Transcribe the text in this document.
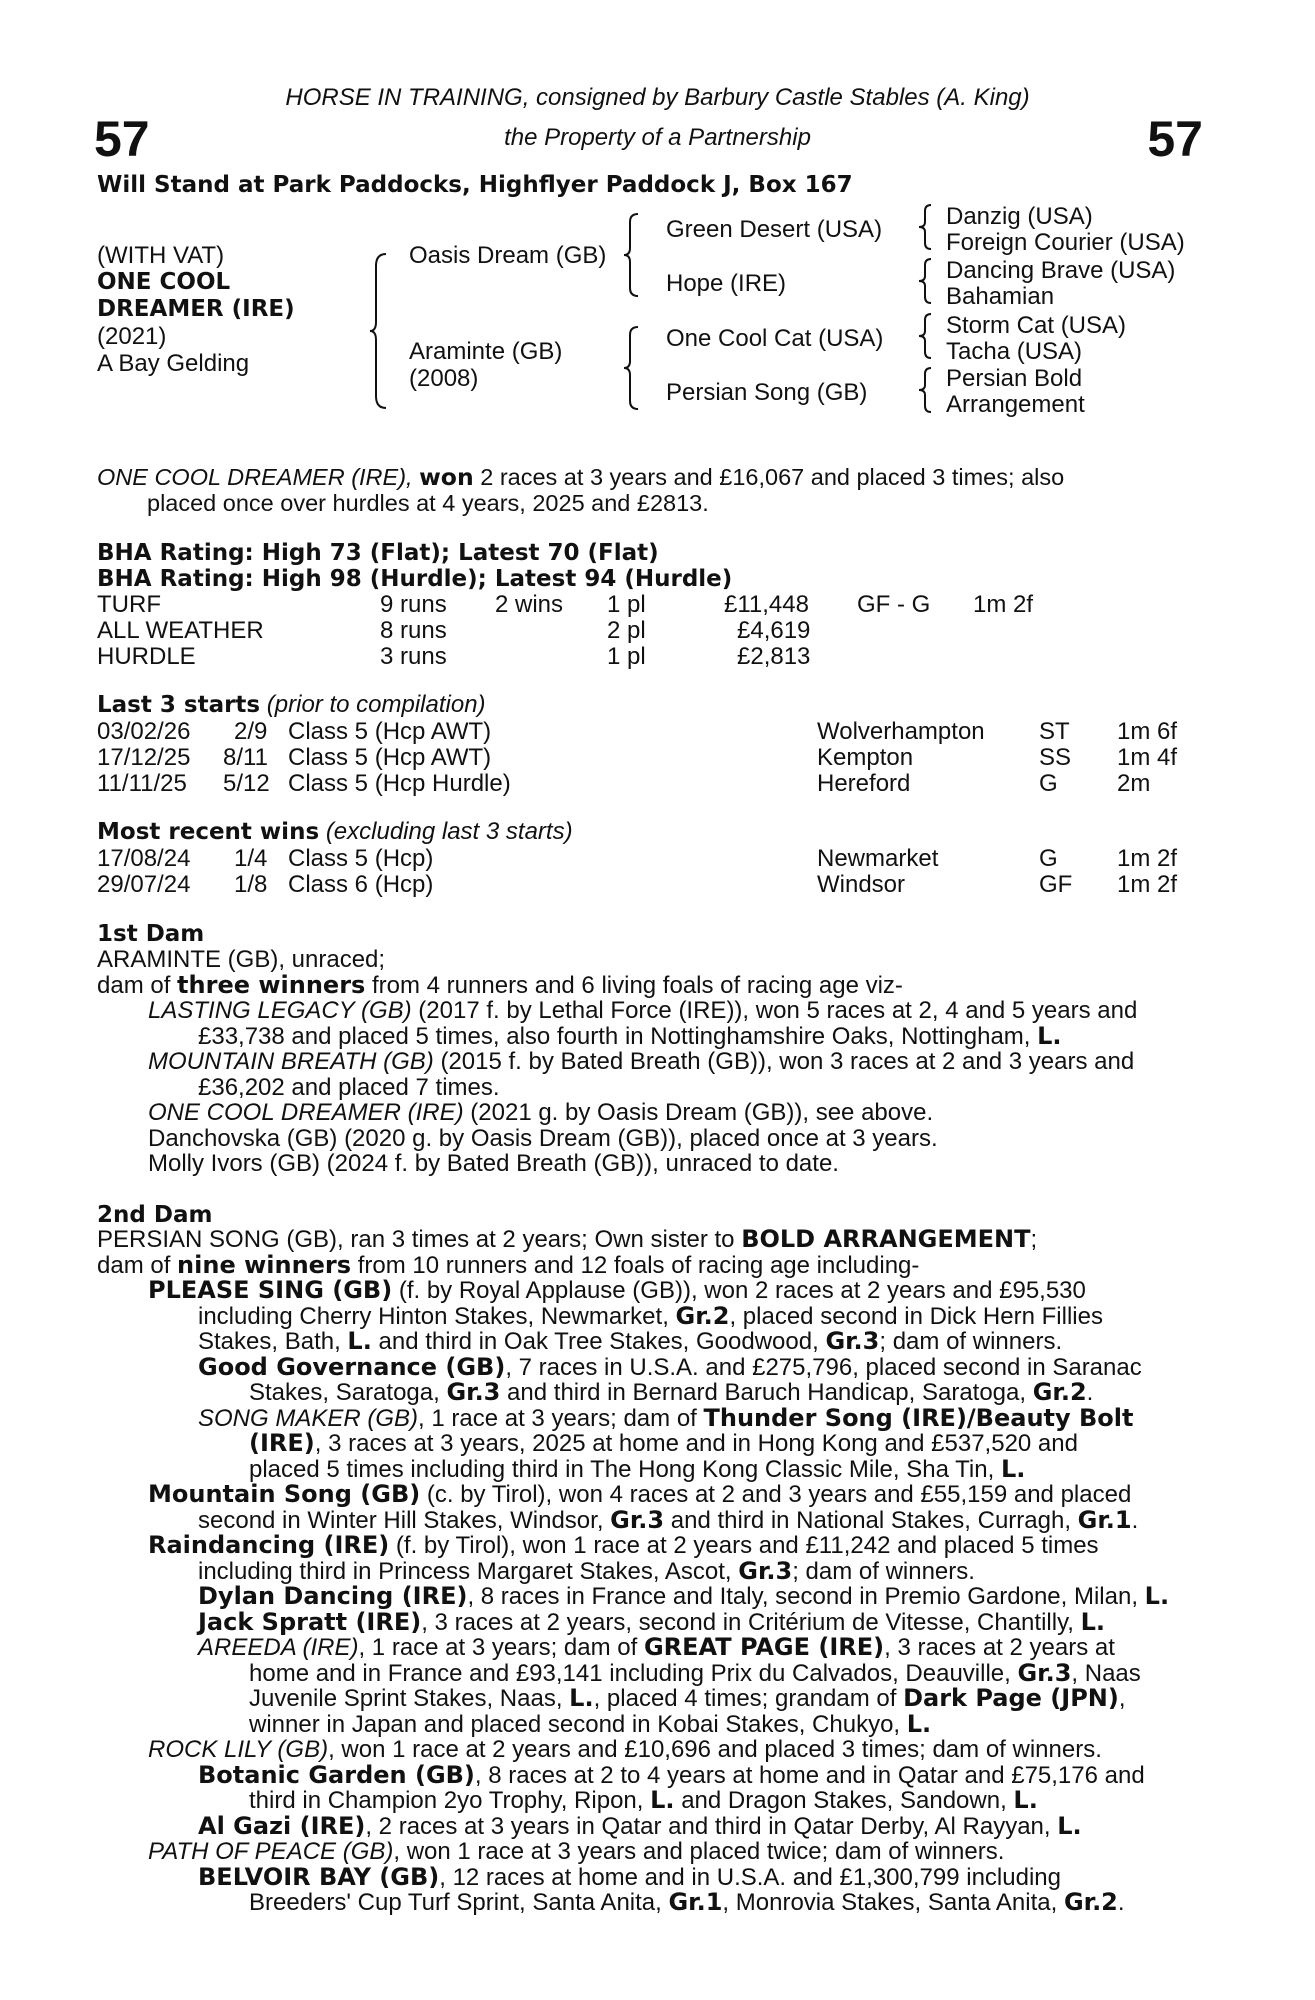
57	57
HORSE IN TRAINING, consigned by Barbury Castle Stables (A. King)
the Property of a Partnership
Will Stand at Park Paddocks, Highflyer Paddock J, Box 167
(WITH VAT)
ONE COOL
DREAMER (IRE)
(2021)
A Bay Gelding
Oasis Dream (GB)
Araminte (GB)
(2008)
Green Desert (USA)
Hope (IRE)
One Cool Cat (USA)
Persian Song (GB)
Danzig (USA)
Foreign Courier (USA)
Dancing Brave (USA)
Bahamian
Storm Cat (USA)
Tacha (USA)
Persian Bold
Arrangement
ONE COOL DREAMER (IRE), won 2 races at 3 years and £16,067 and placed 3 times; also
placed once over hurdles at 4 years, 2025 and £2813.
BHA Rating: High 73 (Flat); Latest 70 (Flat)
BHA Rating: High 98 (Hurdle); Latest 94 (Hurdle)
TURF	9 runs 2 wins 1 pl	£11,448 GF - G 1m 2f
ALL WEATHER	8 runs	2 pl	£4,619
HURDLE	3 runs	1 pl	£2,813
Last 3 starts (prior to compilation)
03/02/26 2/9 Class 5 (Hcp AWT)	Wolverhampton ST 1m 6f
17/12/25 8/11 Class 5 (Hcp AWT)	Kempton	SS 1m 4f
11/11/25 5/12 Class 5 (Hcp Hurdle)	Hereford	G 2m
Most recent wins (excluding last 3 starts)
17/08/24 1/4 Class 5 (Hcp)	Newmarket	G 1m 2f
29/07/24 1/8 Class 6 (Hcp)	Windsor	GF 1m 2f
1st Dam

ARAMINTE (GB), unraced;

dam of three winners from 4 runners and 6 living foals of racing age viz-

LASTING LEGACY (GB) (2017 f. by Lethal Force (IRE)), won 5 races at 2, 4 and 5 years and

£33,738 and placed 5 times, also fourth in Nottinghamshire Oaks, Nottingham, L.

MOUNTAIN BREATH (GB) (2015 f. by Bated Breath (GB)), won 3 races at 2 and 3 years and

£36,202 and placed 7 times.

ONE COOL DREAMER (IRE) (2021 g. by Oasis Dream (GB)), see above.

Danchovska (GB) (2020 g. by Oasis Dream (GB)), placed once at 3 years.

Molly Ivors (GB) (2024 f. by Bated Breath (GB)), unraced to date.

2nd Dam

PERSIAN SONG (GB), ran 3 times at 2 years; Own sister to BOLD ARRANGEMENT;

dam of nine winners from 10 runners and 12 foals of racing age including-

PLEASE SING (GB) (f. by Royal Applause (GB)), won 2 races at 2 years and £95,530

including Cherry Hinton Stakes, Newmarket, Gr.2, placed second in Dick Hern Fillies

Stakes, Bath, L. and third in Oak Tree Stakes, Goodwood, Gr.3; dam of winners.

Good Governance (GB), 7 races in U.S.A. and £275,796, placed second in Saranac

Stakes, Saratoga, Gr.3 and third in Bernard Baruch Handicap, Saratoga, Gr.2.

SONG MAKER (GB), 1 race at 3 years; dam of Thunder Song (IRE)/Beauty Bolt

(IRE), 3 races at 3 years, 2025 at home and in Hong Kong and £537,520 and

placed 5 times including third in The Hong Kong Classic Mile, Sha Tin, L.

Mountain Song (GB) (c. by Tirol), won 4 races at 2 and 3 years and £55,159 and placed

second in Winter Hill Stakes, Windsor, Gr.3 and third in National Stakes, Curragh, Gr.1.

Raindancing (IRE) (f. by Tirol), won 1 race at 2 years and £11,242 and placed 5 times

including third in Princess Margaret Stakes, Ascot, Gr.3; dam of winners.

Dylan Dancing (IRE), 8 races in France and Italy, second in Premio Gardone, Milan, L.

Jack Spratt (IRE), 3 races at 2 years, second in Critérium de Vitesse, Chantilly, L.

AREEDA (IRE), 1 race at 3 years; dam of GREAT PAGE (IRE), 3 races at 2 years at

home and in France and £93,141 including Prix du Calvados, Deauville, Gr.3, Naas

Juvenile Sprint Stakes, Naas, L., placed 4 times; grandam of Dark Page (JPN),

winner in Japan and placed second in Kobai Stakes, Chukyo, L.

ROCK LILY (GB), won 1 race at 2 years and £10,696 and placed 3 times; dam of winners.

Botanic Garden (GB), 8 races at 2 to 4 years at home and in Qatar and £75,176 and

third in Champion 2yo Trophy, Ripon, L. and Dragon Stakes, Sandown, L.

Al Gazi (IRE), 2 races at 3 years in Qatar and third in Qatar Derby, Al Rayyan, L.

PATH OF PEACE (GB), won 1 race at 3 years and placed twice; dam of winners.

BELVOIR BAY (GB), 12 races at home and in U.S.A. and £1,300,799 including

Breeders' Cup Turf Sprint, Santa Anita, Gr.1, Monrovia Stakes, Santa Anita, Gr.2.
